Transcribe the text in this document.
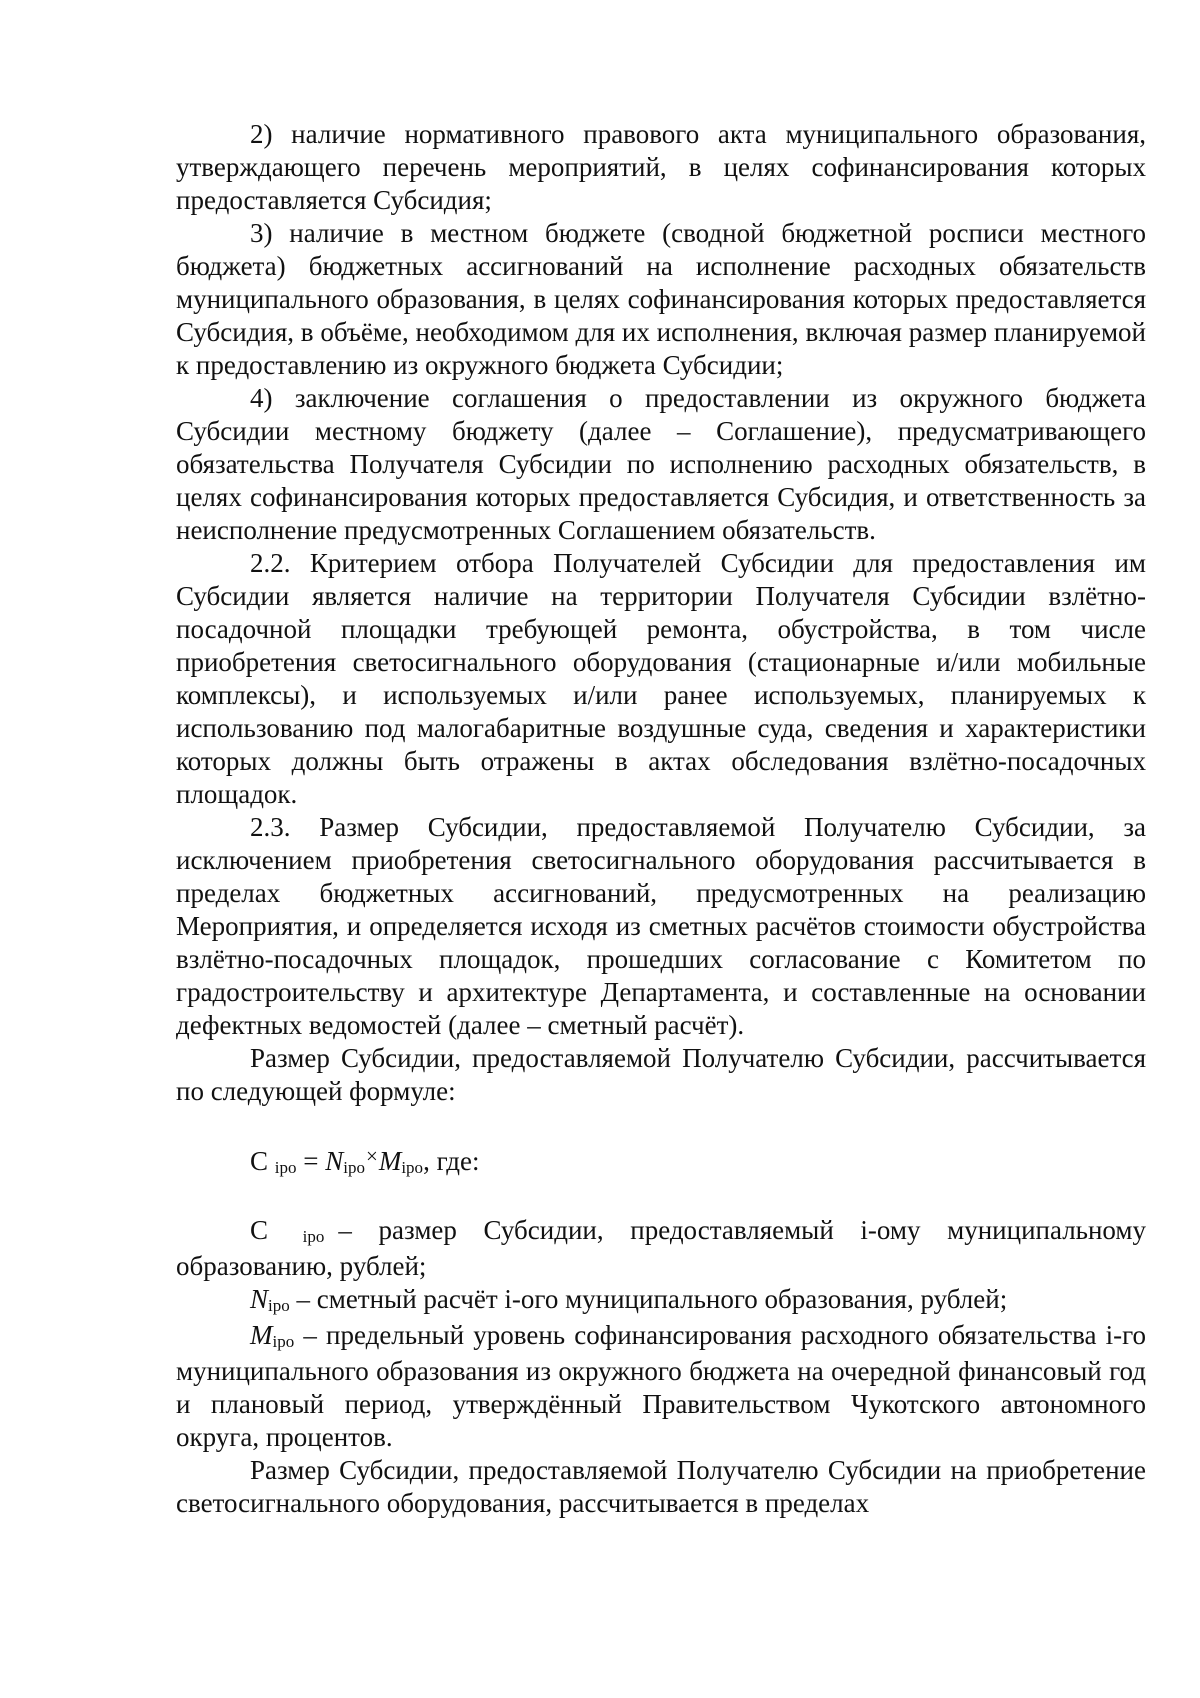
2) наличие нормативного правового акта муниципального образования, утверждающего перечень мероприятий, в целях софинансирования которых предоставляется Субсидия;

3) наличие в местном бюджете (сводной бюджетной росписи местного бюджета) бюджетных ассигнований на исполнение расходных обязательств муниципального образования, в целях софинансирования которых предоставляется Субсидия, в объёме, необходимом для их исполнения, включая размер планируемой к предоставлению из окружного бюджета Субсидии;

4) заключение соглашения о предоставлении из окружного бюджета Субсидии местному бюджету (далее – Соглашение), предусматривающего обязательства Получателя Субсидии по исполнению расходных обязательств, в целях софинансирования которых предоставляется Субсидия, и ответственность за неисполнение предусмотренных Соглашением обязательств.

2.2. Критерием отбора Получателей Субсидии для предоставления им Субсидии является наличие на территории Получателя Субсидии взлётно-посадочной площадки требующей ремонта, обустройства, в том числе приобретения светосигнального оборудования (стационарные и/или мобильные комплексы), и используемых и/или ранее используемых, планируемых к использованию под малогабаритные воздушные суда, сведения и характеристики которых должны быть отражены в актах обследования взлётно-посадочных площадок.

2.3. Размер Субсидии, предоставляемой Получателю Субсидии, за исключением приобретения светосигнального оборудования рассчитывается в пределах бюджетных ассигнований, предусмотренных на реализацию Мероприятия, и определяется исходя из сметных расчётов стоимости обустройства взлётно-посадочных площадок, прошедших согласование с Комитетом по градостроительству и архитектуре Департамента, и составленные на основании дефектных ведомостей (далее – сметный расчёт).

Размер Субсидии, предоставляемой Получателю Субсидии, рассчитывается по следующей формуле:

C ipo = Nipo×Mipo, где:

C ipo – размер Субсидии, предоставляемый i-ому муниципальному образованию, рублей;

Nipo – сметный расчёт i-ого муниципального образования, рублей;

Mipo – предельный уровень софинансирования расходного обязательства i-го муниципального образования из окружного бюджета на очередной финансовый год и плановый период, утверждённый Правительством Чукотского автономного округа, процентов.

Размер Субсидии, предоставляемой Получателю Субсидии на приобретение светосигнального оборудования, рассчитывается в пределах
